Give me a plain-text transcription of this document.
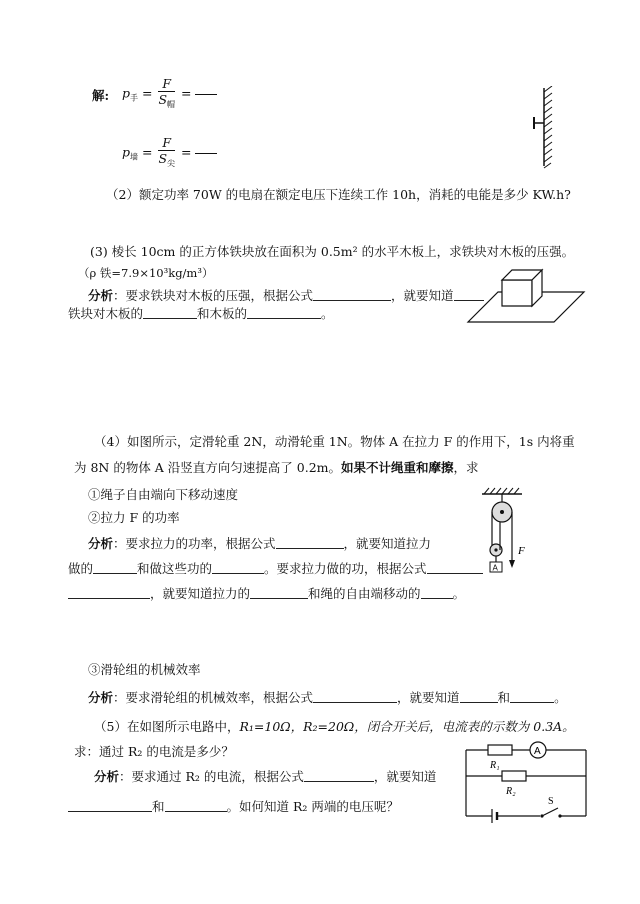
解: $p_手 = \frac{F}{S_帽}$ =
$p_墙 = \frac{F}{S_尖}$ =
（2）额定功率 70W 的电扇在额定电压下连续工作 10h，消耗的电能是多少 KW.h?
(3) 棱长 10cm 的正方体铁块放在面积为 0.5m² 的水平木板上，求铁块对木板的压强。
（ρ 铁=7.9×10³kg/m³）
分析：要求铁块对木板的压强，根据公式	，就要知道
铁块对木板的	和木板的	。
（4）如图所示，定滑轮重 2N，动滑轮重 1N。物体 A 在拉力 F 的作用下，1s 内将重
为 8N 的物体 A 沿竖直方向匀速提高了 0.2m。如果不计绳重和摩擦，求
①绳子自由端向下移动速度
②拉力 F 的功率
分析：要求拉力的功率，根据公式	，就要知道拉力
做的	和做这些功的	。要求拉力做的功，根据公式
，就要知道拉力的	和绳的自由端移动的	。
A
F
③滑轮组的机械效率
分析：要求滑轮组的机械效率，根据公式	，就要知道	和	。
（5）在如图所示电路中，R₁=10Ω，R₂=20Ω，闭合开关后，电流表的示数为 0.3A。
求：通过 R₂ 的电流是多少？
分析：要求通过 R₂ 的电流，根据公式	，就要知道
和	。如何知道 R₂ 两端的电压呢？
A
R₁
R₂
S
